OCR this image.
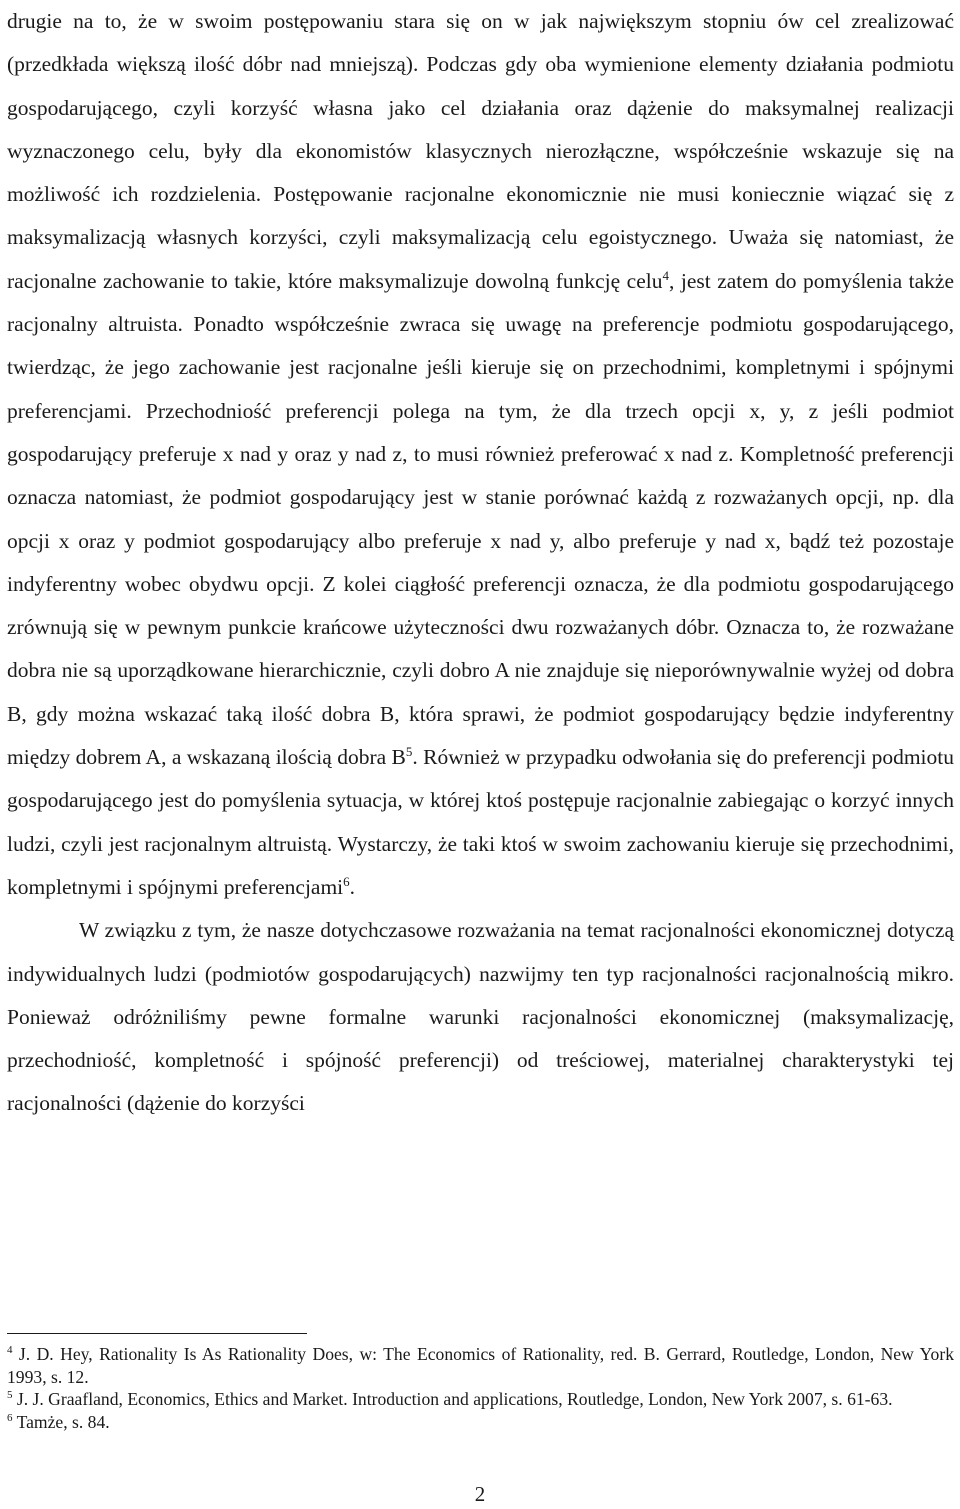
drugie na to, że w swoim postępowaniu stara się on w jak największym stopniu ów cel zrealizować (przedkłada większą ilość dóbr nad mniejszą). Podczas gdy oba wymienione elementy działania podmiotu gospodarującego, czyli korzyść własna jako cel działania oraz dążenie do maksymalnej realizacji wyznaczonego celu, były dla ekonomistów klasycznych nierozłączne, współcześnie wskazuje się na możliwość ich rozdzielenia. Postępowanie racjonalne ekonomicznie nie musi koniecznie wiązać się z maksymalizacją własnych korzyści, czyli maksymalizacją celu egoistycznego. Uważa się natomiast, że racjonalne zachowanie to takie, które maksymalizuje dowolną funkcję celu$^4$, jest zatem do pomyślenia także racjonalny altruista. Ponadto współcześnie zwraca się uwagę na preferencje podmiotu gospodarującego, twierdząc, że jego zachowanie jest racjonalne jeśli kieruje się on przechodnimi, kompletnymi i spójnymi preferencjami. Przechodniość preferencji polega na tym, że dla trzech opcji x, y, z jeśli podmiot gospodarujący preferuje x nad y oraz y nad z, to musi również preferować x nad z. Kompletność preferencji oznacza natomiast, że podmiot gospodarujący jest w stanie porównać każdą z rozważanych opcji, np. dla opcji x oraz y podmiot gospodarujący albo preferuje x nad y, albo preferuje y nad x, bądź też pozostaje indyferentny wobec obydwu opcji. Z kolei ciągłość preferencji oznacza, że dla podmiotu gospodarującego zrównują się w pewnym punkcie krańcowe użyteczności dwu rozważanych dóbr. Oznacza to, że rozważane dobra nie są uporządkowane hierarchicznie, czyli dobro A nie znajduje się nieporównywalnie wyżej od dobra B, gdy można wskazać taką ilość dobra B, która sprawi, że podmiot gospodarujący będzie indyferentny między dobrem A, a wskazaną ilością dobra $B^5$. Również w przypadku odwołania się do preferencji podmiotu gospodarującego jest do pomyślenia sytuacja, w której ktoś postępuje racjonalnie zabiegając o korzyć innych ludzi, czyli jest racjonalnym altruistą. Wystarczy, że taki ktoś w swoim zachowaniu kieruje się przechodnimi, kompletnymi i spójnymi preferencjami$^6$.

W związku z tym, że nasze dotychczasowe rozważania na temat racjonalności ekonomicznej dotyczą indywidualnych ludzi (podmiotów gospodarujących) nazwijmy ten typ racjonalności racjonalnością mikro. Ponieważ odróżniliśmy pewne formalne warunki racjonalności ekonomicznej (maksymalizację, przechodniość, kompletność i spójność preferencji) od treściowej, materialnej charakterystyki tej racjonalności (dążenie do korzyści

$^4$ J. D. Hey, Rationality Is As Rationality Does, w: The Economics of Rationality, red. B. Gerrard, Routledge, London, New York 1993, s. 12.

$^5$ J. J. Graafland, Economics, Ethics and Market. Introduction and applications, Routledge, London, New York 2007, s. 61-63.

$^6$ Tamże, s. 84.

2
